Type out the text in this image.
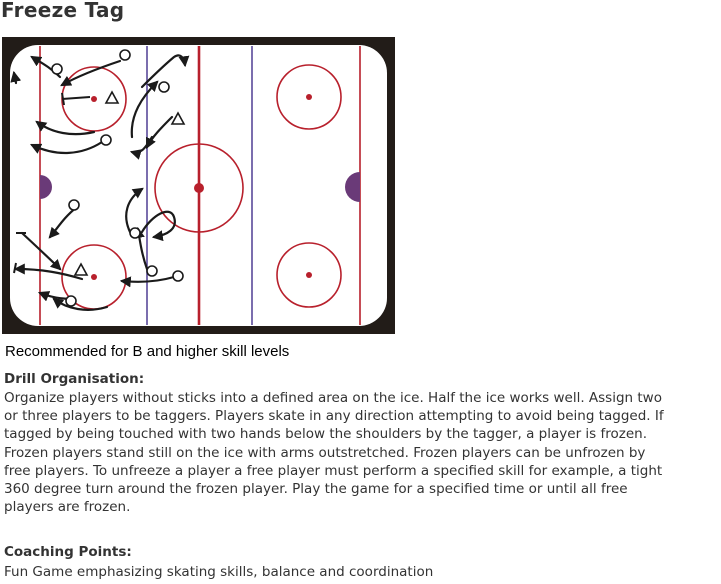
Freeze Tag

Recommended for B and higher skill levels

Drill Organisation:
Organize players without sticks into a defined area on the ice. Half the ice works well. Assign two
or three players to be taggers. Players skate in any direction attempting to avoid being tagged. If
tagged by being touched with two hands below the shoulders by the tagger, a player is frozen.
Frozen players stand still on the ice with arms outstretched. Frozen players can be unfrozen by
free players. To unfreeze a player a free player must perform a specified skill for example, a tight
360 degree turn around the frozen player. Play the game for a specified time or until all free
players are frozen.
Coaching Points:
Fun Game emphasizing skating skills, balance and coordination
